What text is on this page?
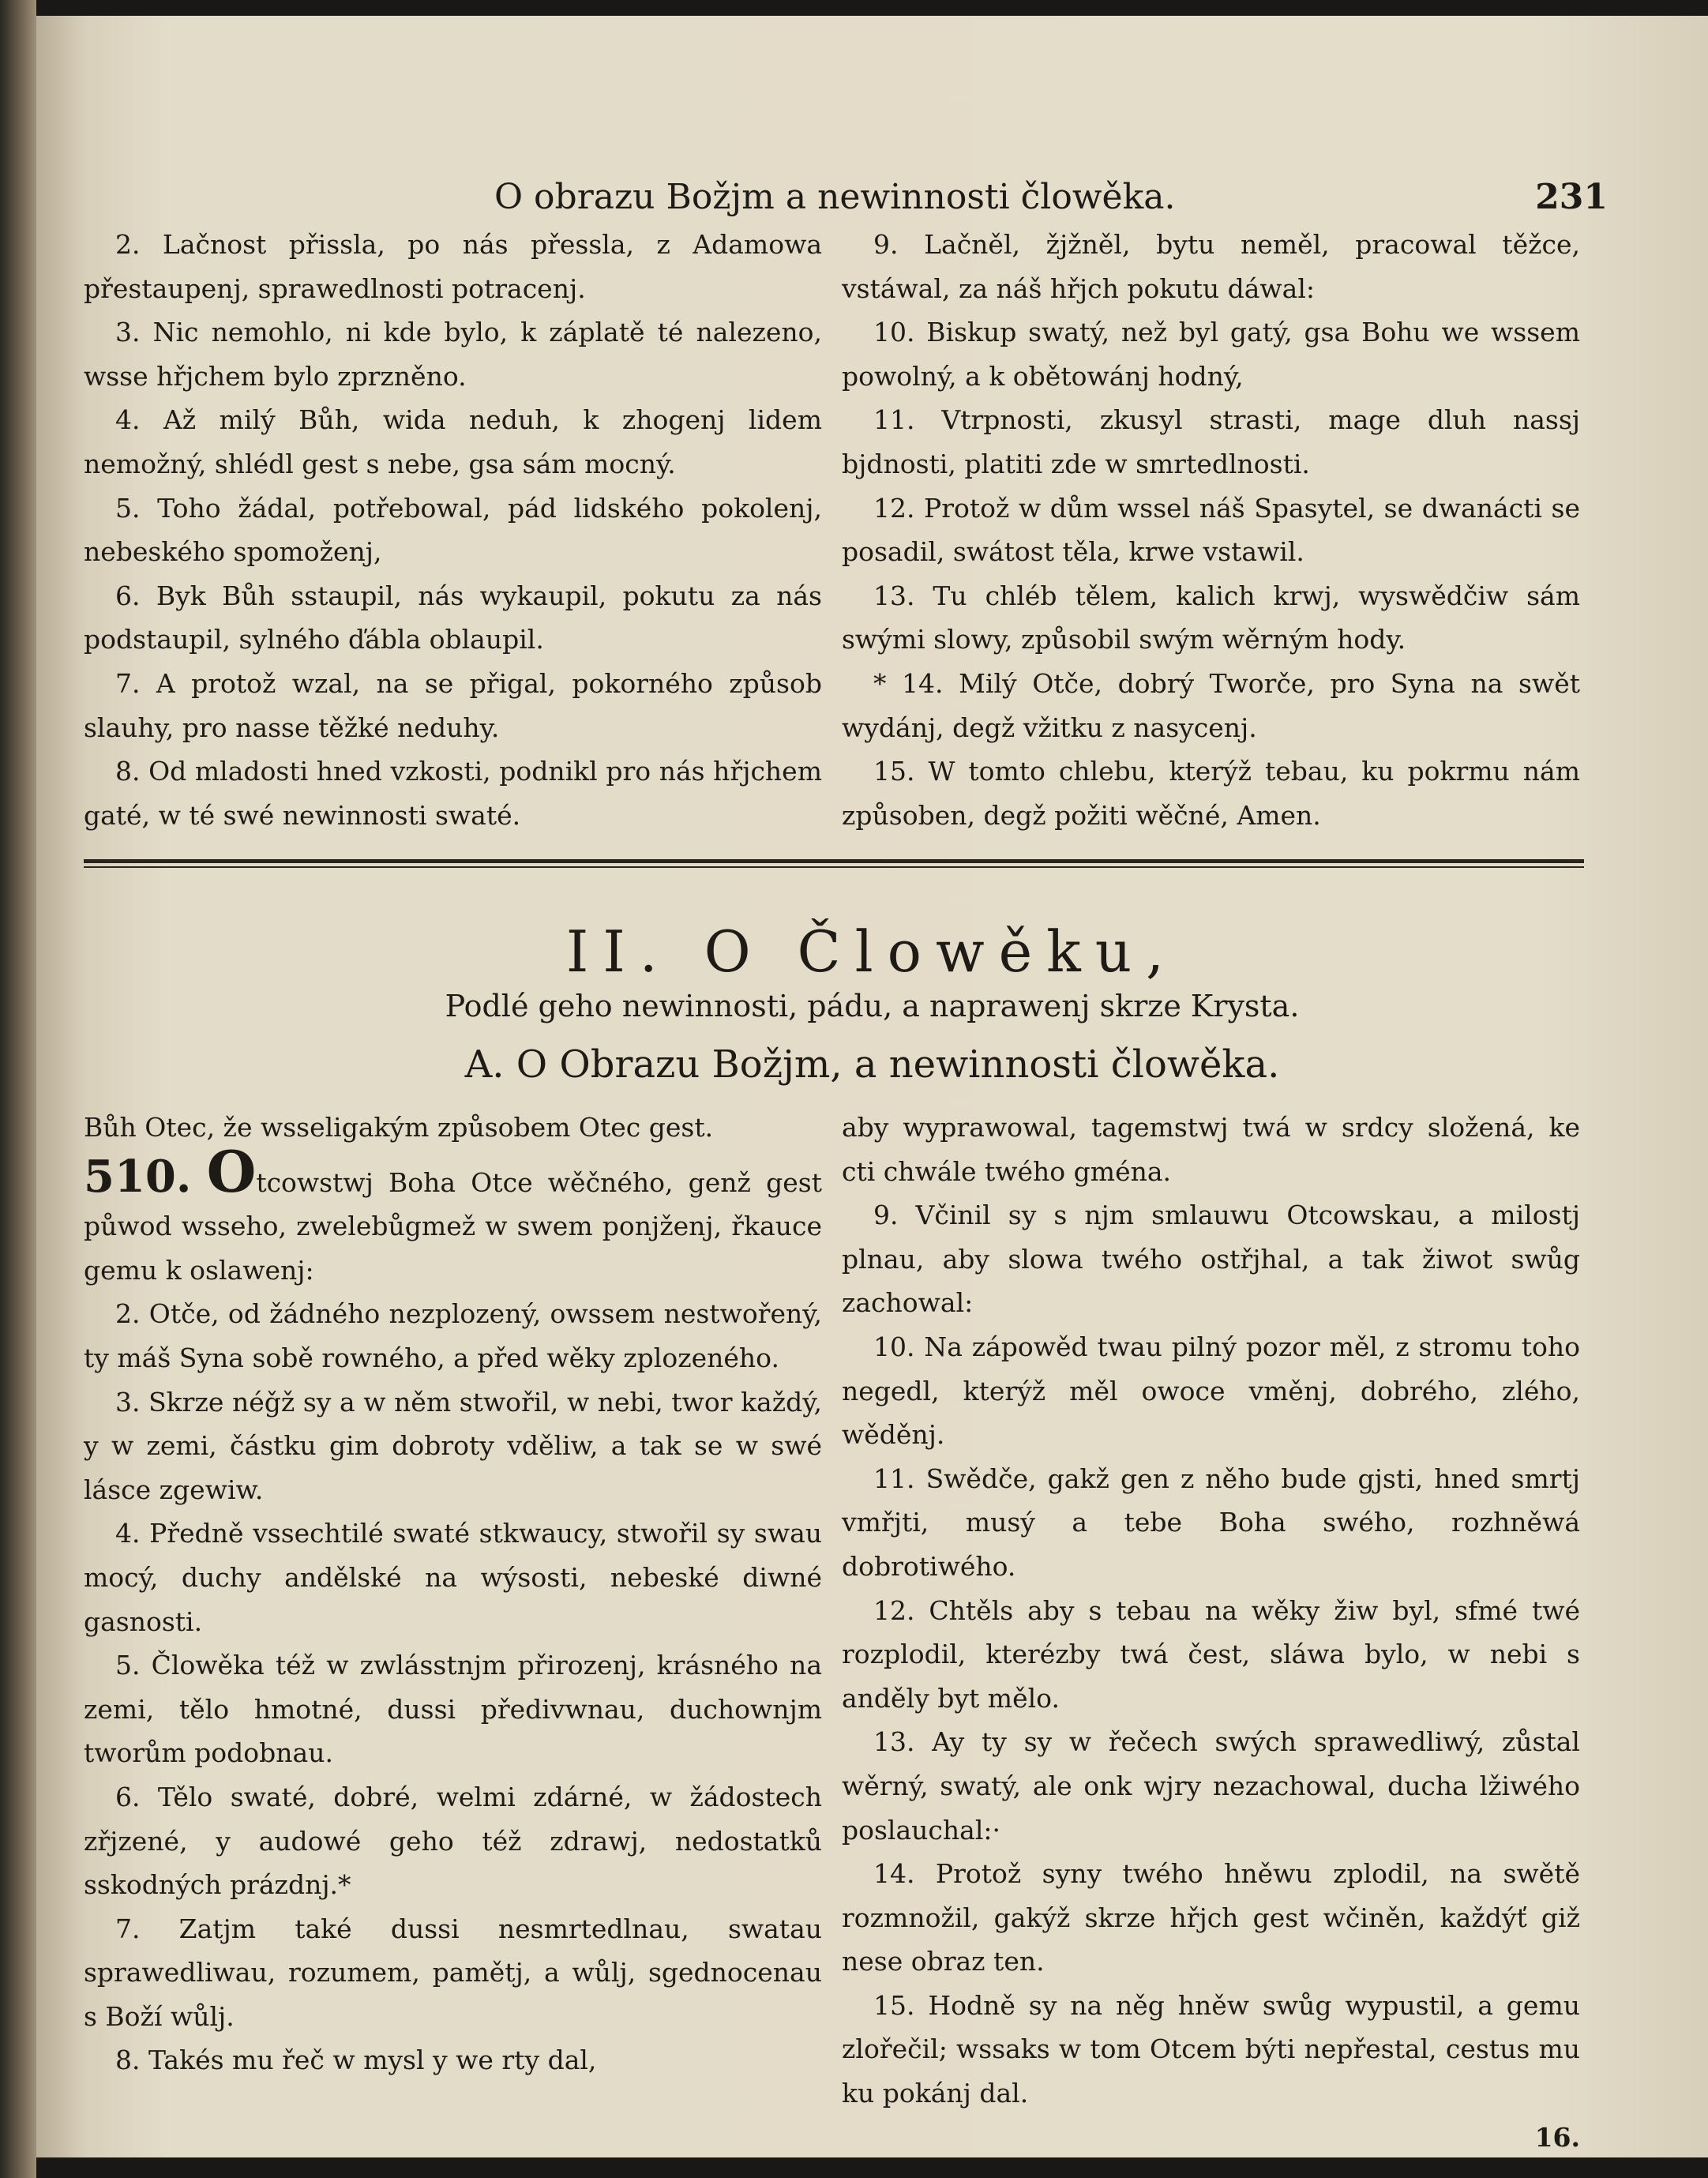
O obrazu Božjm a newinnosti člowěka.	231

2. Lačnost přissla, po nás přessla, z Adamowa přestaupenj, sprawedlnosti potracenj.

3. Nic nemohlo, ni kde bylo, k záplatě té nalezeno, wsse hřjchem bylo zprzněno.

4. Až milý Bůh, wida neduh, k zhogenj lidem nemožný, shlédl gest s nebe, gsa sám mocný.

5. Toho žádal, potřebowal, pád lidského pokolenj, nebeského spomoženj,

6. Byk Bůh sstaupil, nás wykaupil, pokutu za nás podstaupil, sylného ďábla oblaupil.

7. A protož wzal, na se přigal, pokorného způsob slauhy, pro nasse těžké neduhy.

8. Od mladosti hned vzkosti, podnikl pro nás hřjchem gaté, w té swé newinnosti swaté.

9. Lačněl, žjžněl, bytu neměl, pracowal těžce, vstáwal, za náš hřjch pokutu dáwal:

10. Biskup swatý, než byl gatý, gsa Bohu we wssem powolný, a k obětowánj hodný,

11. Vtrpnosti, zkusyl strasti, mage dluh nassj bjdnosti, platiti zde w smrtedlnosti.

12. Protož w dům wssel náš Spasytel, se dwanácti se posadil, swátost těla, krwe vstawil.

13. Tu chléb tělem, kalich krwj, wyswědčiw sám swými slowy, způsobil swým wěrným hody.

* 14. Milý Otče, dobrý Tworče, pro Syna na swět wydánj, degž vžitku z nasycenj.

15. W tomto chlebu, kterýž tebau, ku pokrmu nám způsoben, degž požiti wěčné, Amen.

II. O Člowěku,
Podlé geho newinnosti, pádu, a naprawenj skrze Krysta.
A. O Obrazu Božjm, a newinnosti člowěka.
Bůh Otec, že wsseligakým způsobem Otec gest.

510. Otcowstwj Boha Otce wěčného, genž gest půwod wsseho, zwelebůgmež w swem ponjženj, řkauce gemu k oslawenj:

2. Otče, od žádného nezplozený, owssem nestwořený, ty máš Syna sobě rowného, a před wěky zplozeného.

3. Skrze néǧž sy a w něm stwořil, w nebi, twor každý, y w zemi, částku gim dobroty vděliw, a tak se w swé lásce zgewiw.

4. Předně vssechtilé swaté stkwaucy, stwořil sy swau mocý, duchy andělské na wýsosti, nebeské diwné gasnosti.

5. Člowěka též w zwlásstnjm přirozenj, krásného na zemi, tělo hmotné, dussi předivwnau, duchownjm tworům podobnau.

6. Tělo swaté, dobré, welmi zdárné, w žádostech zřjzené, y audowé geho též zdrawj, nedostatků sskodných prázdnj.*

7. Zatjm také dussi nesmrtedlnau, swatau sprawedliwau, rozumem, pamětj, a wůlj, sgednocenau s Boží wůlj.

8. Takés mu řeč w mysl y we rty dal,

aby wyprawowal, tagemstwj twá w srdcy složená, ke cti chwále twého gména.

9. Včinil sy s njm smlauwu Otcowskau, a milostj plnau, aby slowa twého ostřjhal, a tak žiwot swůg zachowal:

10. Na zápowěd twau pilný pozor měl, z stromu toho negedl, kterýž měl owoce vměnj, dobrého, zlého, wěděnj.

11. Swědče, gakž gen z něho bude gjsti, hned smrtj vmřjti, musý a tebe Boha swého, rozhněwá dobrotiwého.

12. Chtěls aby s tebau na wěky žiw byl, sfmé twé rozplodil, kterézby twá čest, sláwa bylo, w nebi s anděly byt mělo.

13. Ay ty sy w řečech swých sprawedliwý, zůstal wěrný, swatý, ale onk wjry nezachowal, ducha lžiwého poslauchal:·

14. Protož syny twého hněwu zplodil, na swětě rozmnožil, gakýž skrze hřjch gest wčiněn, každýť giž nese obraz ten.

15. Hodně sy na něg hněw swůg wypustil, a gemu zlořečil; wssaks w tom Otcem býti nepřestal, cestus mu ku pokánj dal.

16.
